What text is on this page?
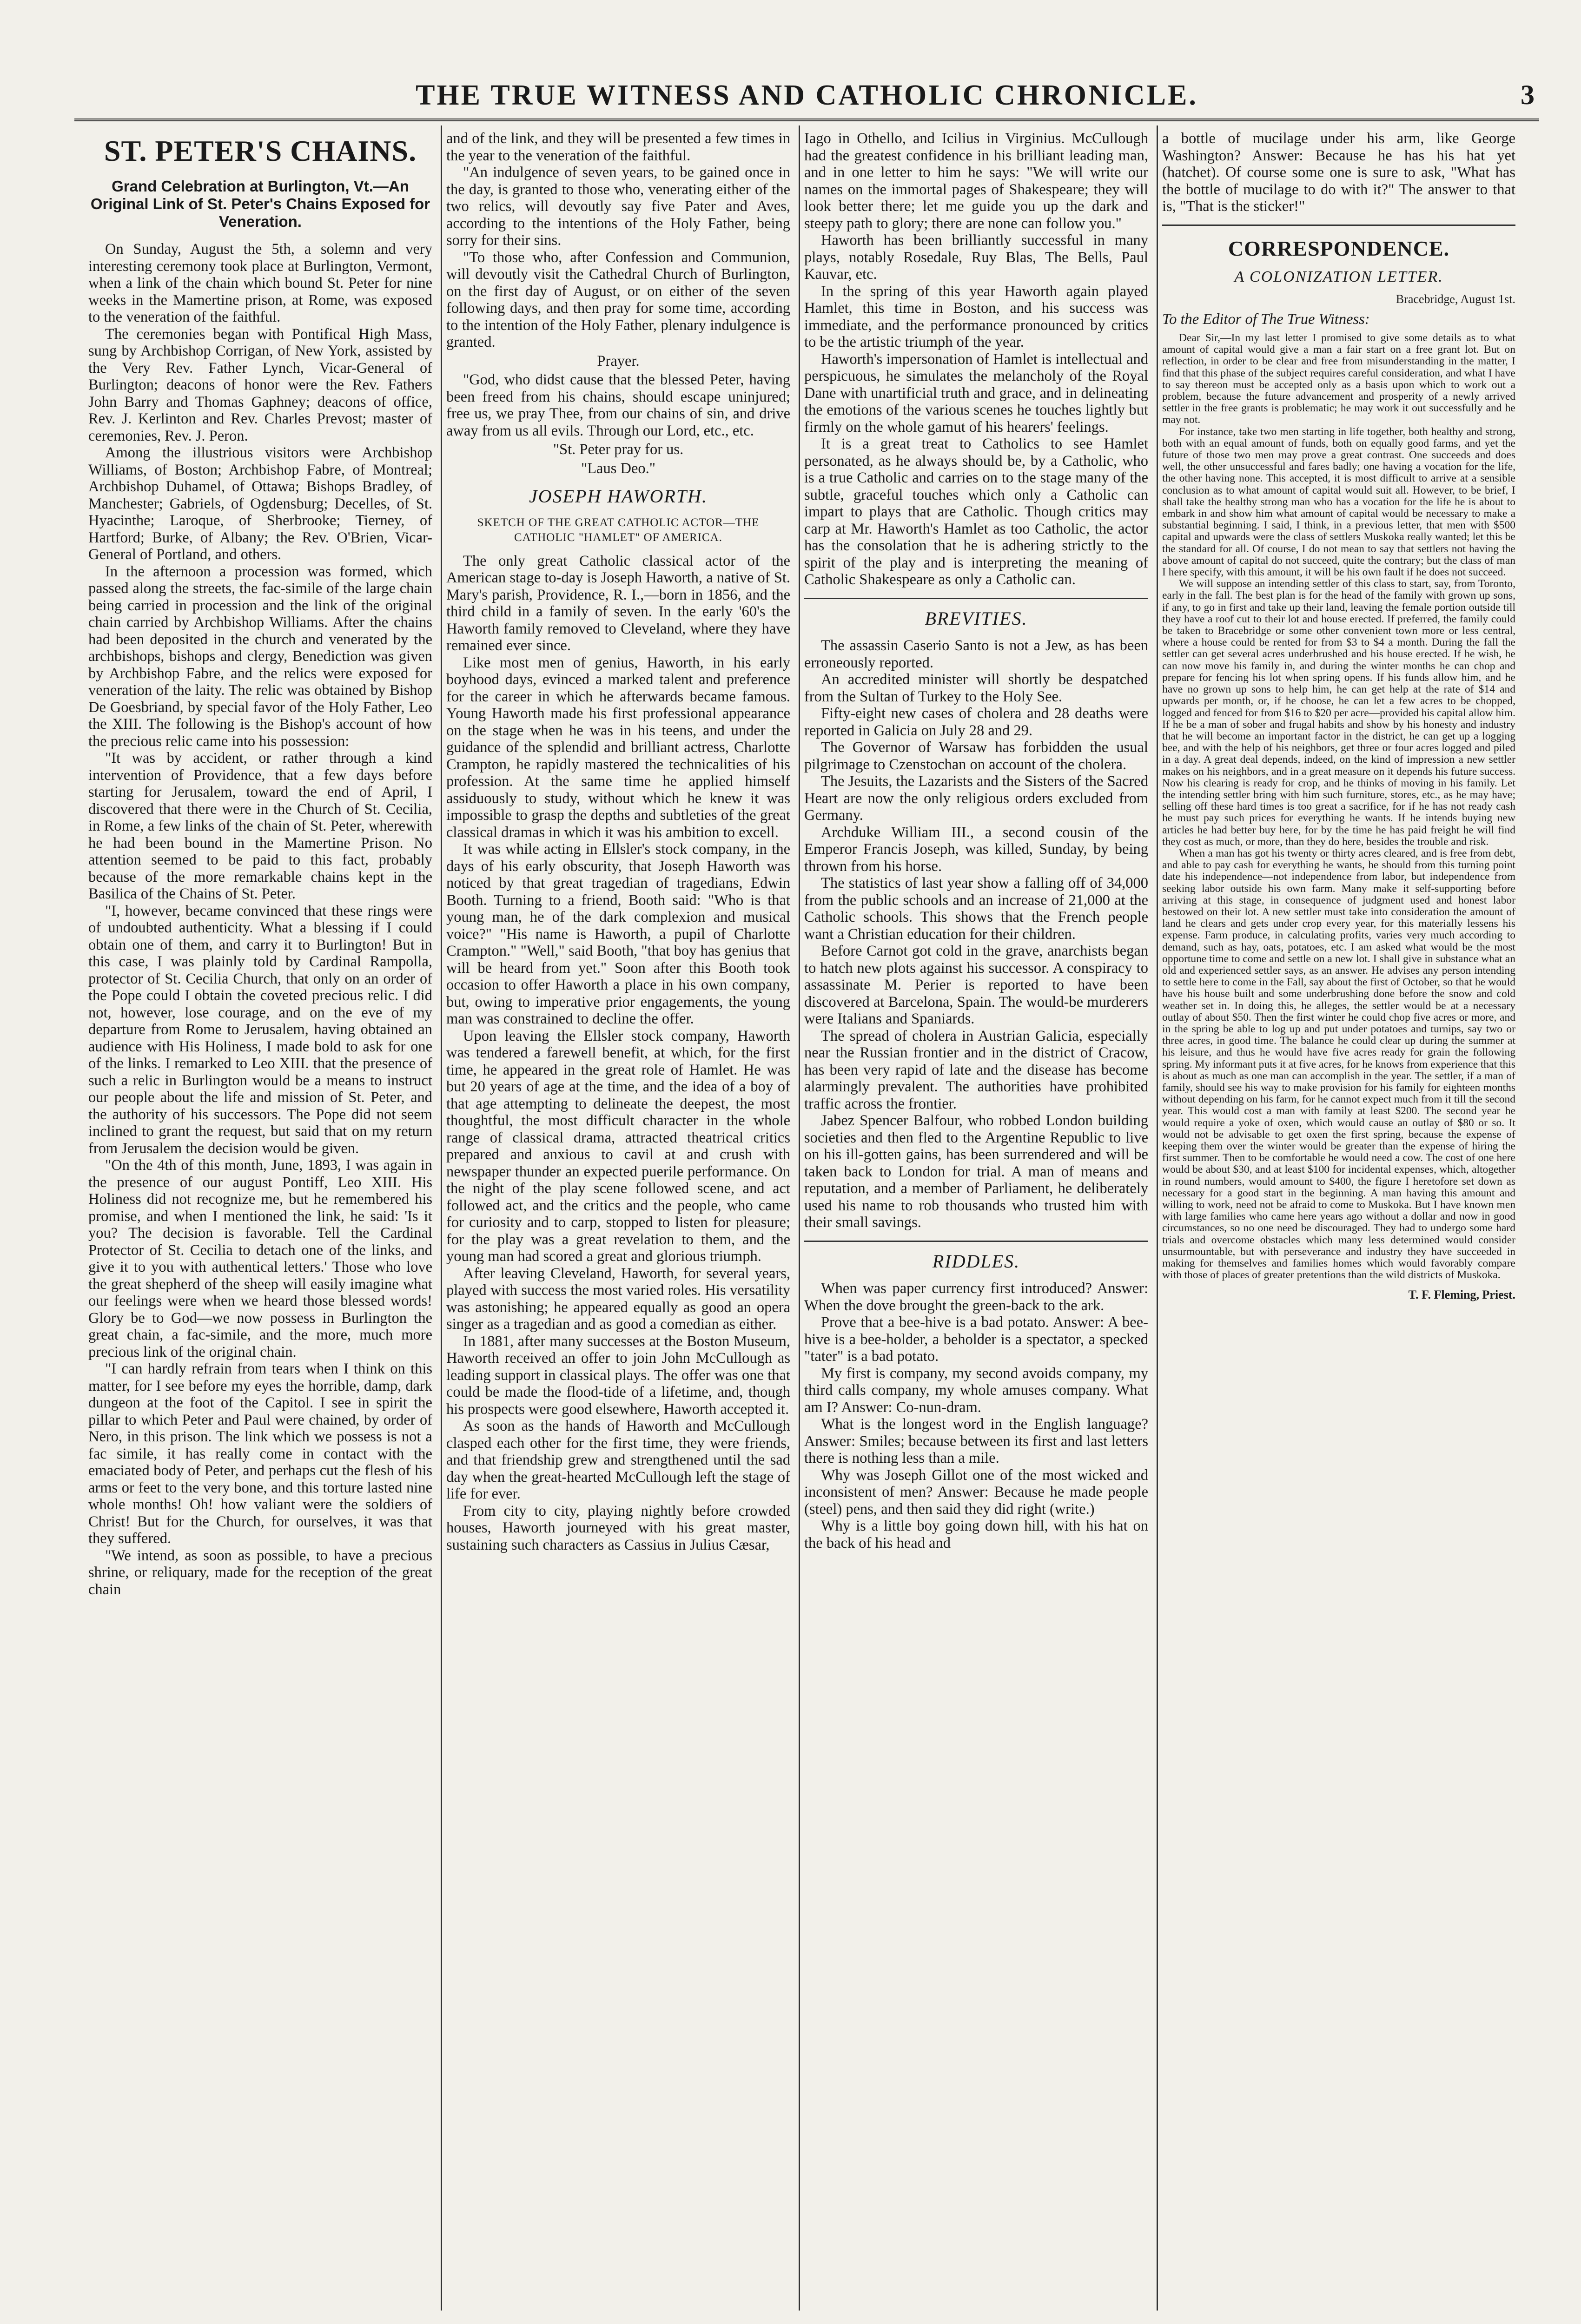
THE TRUE WITNESS AND CATHOLIC CHRONICLE.	3
ST. PETER'S CHAINS.
Grand Celebration at Burlington, Vt.—An Original Link of St. Peter's Chains Exposed for Veneration.

On Sunday, August the 5th, a solemn and very interesting ceremony took place at Burlington, Vermont, when a link of the chain which bound St. Peter for nine weeks in the Mamertine prison, at Rome, was exposed to the veneration of the faithful.

The ceremonies began with Pontifical High Mass, sung by Archbishop Corrigan, of New York, assisted by the Very Rev. Father Lynch, Vicar-General of Burlington; deacons of honor were the Rev. Fathers John Barry and Thomas Gaphney; deacons of office, Rev. J. Kerlinton and Rev. Charles Prevost; master of ceremonies, Rev. J. Peron.

Among the illustrious visitors were Archbishop Williams, of Boston; Archbishop Fabre, of Montreal; Archbishop Duhamel, of Ottawa; Bishops Bradley, of Manchester; Gabriels, of Ogdensburg; Decelles, of St. Hyacinthe; Laroque, of Sherbrooke; Tierney, of Hartford; Burke, of Albany; the Rev. O'Brien, Vicar-General of Portland, and others.

In the afternoon a procession was formed, which passed along the streets, the fac-simile of the large chain being carried in procession and the link of the original chain carried by Archbishop Williams. After the chains had been deposited in the church and venerated by the archbishops, bishops and clergy, Benediction was given by Archbishop Fabre, and the relics were exposed for veneration of the laity. The relic was obtained by Bishop De Goesbriand, by special favor of the Holy Father, Leo the XIII. The following is the Bishop's account of how the precious relic came into his possession:

"It was by accident, or rather through a kind intervention of Providence, that a few days before starting for Jerusalem, toward the end of April, I discovered that there were in the Church of St. Cecilia, in Rome, a few links of the chain of St. Peter, wherewith he had been bound in the Mamertine Prison. No attention seemed to be paid to this fact, probably because of the more remarkable chains kept in the Basilica of the Chains of St. Peter.

"I, however, became convinced that these rings were of undoubted authenticity. What a blessing if I could obtain one of them, and carry it to Burlington! But in this case, I was plainly told by Cardinal Rampolla, protector of St. Cecilia Church, that only on an order of the Pope could I obtain the coveted precious relic. I did not, however, lose courage, and on the eve of my departure from Rome to Jerusalem, having obtained an audience with His Holiness, I made bold to ask for one of the links. I remarked to Leo XIII. that the presence of such a relic in Burlington would be a means to instruct our people about the life and mission of St. Peter, and the authority of his successors. The Pope did not seem inclined to grant the request, but said that on my return from Jerusalem the decision would be given.

"On the 4th of this month, June, 1893, I was again in the presence of our august Pontiff, Leo XIII. His Holiness did not recognize me, but he remembered his promise, and when I mentioned the link, he said: 'Is it you? The decision is favorable. Tell the Cardinal Protector of St. Cecilia to detach one of the links, and give it to you with authentical letters.' Those who love the great shepherd of the sheep will easily imagine what our feelings were when we heard those blessed words! Glory be to God—we now possess in Burlington the great chain, a fac-simile, and the more, much more precious link of the original chain.

"I can hardly refrain from tears when I think on this matter, for I see before my eyes the horrible, damp, dark dungeon at the foot of the Capitol. I see in spirit the pillar to which Peter and Paul were chained, by order of Nero, in this prison. The link which we possess is not a fac simile, it has really come in contact with the emaciated body of Peter, and perhaps cut the flesh of his arms or feet to the very bone, and this torture lasted nine whole months! Oh! how valiant were the soldiers of Christ! But for the Church, for ourselves, it was that they suffered.

"We intend, as soon as possible, to have a precious shrine, or reliquary, made for the reception of the great chain

and of the link, and they will be presented a few times in the year to the veneration of the faithful.

"An indulgence of seven years, to be gained once in the day, is granted to those who, venerating either of the two relics, will devoutly say five Pater and Aves, according to the intentions of the Holy Father, being sorry for their sins.

"To those who, after Confession and Communion, will devoutly visit the Cathedral Church of Burlington, on the first day of August, or on either of the seven following days, and then pray for some time, according to the intention of the Holy Father, plenary indulgence is granted.

Prayer.

"God, who didst cause that the blessed Peter, having been freed from his chains, should escape uninjured; free us, we pray Thee, from our chains of sin, and drive away from us all evils. Through our Lord, etc., etc.

"St. Peter pray for us.
"Laus Deo."
JOSEPH HAWORTH.
SKETCH OF THE GREAT CATHOLIC ACTOR—THE CATHOLIC "HAMLET" OF AMERICA.

The only great Catholic classical actor of the American stage to-day is Joseph Haworth, a native of St. Mary's parish, Providence, R. I.,—born in 1856, and the third child in a family of seven. In the early '60's the Haworth family removed to Cleveland, where they have remained ever since.

Like most men of genius, Haworth, in his early boyhood days, evinced a marked talent and preference for the career in which he afterwards became famous. Young Haworth made his first professional appearance on the stage when he was in his teens, and under the guidance of the splendid and brilliant actress, Charlotte Crampton, he rapidly mastered the technicalities of his profession. At the same time he applied himself assiduously to study, without which he knew it was impossible to grasp the depths and subtleties of the great classical dramas in which it was his ambition to excell.

It was while acting in Ellsler's stock company, in the days of his early obscurity, that Joseph Haworth was noticed by that great tragedian of tragedians, Edwin Booth. Turning to a friend, Booth said: "Who is that young man, he of the dark complexion and musical voice?" "His name is Haworth, a pupil of Charlotte Crampton." "Well," said Booth, "that boy has genius that will be heard from yet." Soon after this Booth took occasion to offer Haworth a place in his own company, but, owing to imperative prior engagements, the young man was constrained to decline the offer.

Upon leaving the Ellsler stock company, Haworth was tendered a farewell benefit, at which, for the first time, he appeared in the great role of Hamlet. He was but 20 years of age at the time, and the idea of a boy of that age attempting to delineate the deepest, the most thoughtful, the most difficult character in the whole range of classical drama, attracted theatrical critics prepared and anxious to cavil at and crush with newspaper thunder an expected puerile performance. On the night of the play scene followed scene, and act followed act, and the critics and the people, who came for curiosity and to carp, stopped to listen for pleasure; for the play was a great revelation to them, and the young man had scored a great and glorious triumph.

After leaving Cleveland, Haworth, for several years, played with success the most varied roles. His versatility was astonishing; he appeared equally as good an opera singer as a tragedian and as good a comedian as either.

In 1881, after many successes at the Boston Museum, Haworth received an offer to join John McCullough as leading support in classical plays. The offer was one that could be made the flood-tide of a lifetime, and, though his prospects were good elsewhere, Haworth accepted it.

As soon as the hands of Haworth and McCullough clasped each other for the first time, they were friends, and that friendship grew and strengthened until the sad day when the great-hearted McCullough left the stage of life for ever.

From city to city, playing nightly before crowded houses, Haworth journeyed with his great master, sustaining such characters as Cassius in Julius Cæsar,

Iago in Othello, and Icilius in Virginius. McCullough had the greatest confidence in his brilliant leading man, and in one letter to him he says: "We will write our names on the immortal pages of Shakespeare; they will look better there; let me guide you up the dark and steepy path to glory; there are none can follow you."

Haworth has been brilliantly successful in many plays, notably Rosedale, Ruy Blas, The Bells, Paul Kauvar, etc.

In the spring of this year Haworth again played Hamlet, this time in Boston, and his success was immediate, and the performance pronounced by critics to be the artistic triumph of the year.

Haworth's impersonation of Hamlet is intellectual and perspicuous, he simulates the melancholy of the Royal Dane with unartificial truth and grace, and in delineating the emotions of the various scenes he touches lightly but firmly on the whole gamut of his hearers' feelings.

It is a great treat to Catholics to see Hamlet personated, as he always should be, by a Catholic, who is a true Catholic and carries on to the stage many of the subtle, graceful touches which only a Catholic can impart to plays that are Catholic. Though critics may carp at Mr. Haworth's Hamlet as too Catholic, the actor has the consolation that he is adhering strictly to the spirit of the play and is interpreting the meaning of Catholic Shakespeare as only a Catholic can.

BREVITIES.

The assassin Caserio Santo is not a Jew, as has been erroneously reported.

An accredited minister will shortly be despatched from the Sultan of Turkey to the Holy See.

Fifty-eight new cases of cholera and 28 deaths were reported in Galicia on July 28 and 29.

The Governor of Warsaw has forbidden the usual pilgrimage to Czenstochan on account of the cholera.

The Jesuits, the Lazarists and the Sisters of the Sacred Heart are now the only religious orders excluded from Germany.

Archduke William III., a second cousin of the Emperor Francis Joseph, was killed, Sunday, by being thrown from his horse.

The statistics of last year show a falling off of 34,000 from the public schools and an increase of 21,000 at the Catholic schools. This shows that the French people want a Christian education for their children.

Before Carnot got cold in the grave, anarchists began to hatch new plots against his successor. A conspiracy to assassinate M. Perier is reported to have been discovered at Barcelona, Spain. The would-be murderers were Italians and Spaniards.

The spread of cholera in Austrian Galicia, especially near the Russian frontier and in the district of Cracow, has been very rapid of late and the disease has become alarmingly prevalent. The authorities have prohibited traffic across the frontier.

Jabez Spencer Balfour, who robbed London building societies and then fled to the Argentine Republic to live on his ill-gotten gains, has been surrendered and will be taken back to London for trial. A man of means and reputation, and a member of Parliament, he deliberately used his name to rob thousands who trusted him with their small savings.

RIDDLES.

When was paper currency first introduced? Answer: When the dove brought the green-back to the ark.

Prove that a bee-hive is a bad potato. Answer: A bee-hive is a bee-holder, a beholder is a spectator, a specked "tater" is a bad potato.

My first is company, my second avoids company, my third calls company, my whole amuses company. What am I? Answer: Co-nun-dram.

What is the longest word in the English language? Answer: Smiles; because between its first and last letters there is nothing less than a mile.

Why was Joseph Gillot one of the most wicked and inconsistent of men? Answer: Because he made people (steel) pens, and then said they did right (write.)

Why is a little boy going down hill, with his hat on the back of his head and

a bottle of mucilage under his arm, like George Washington? Answer: Because he has his hat yet (hatchet). Of course some one is sure to ask, "What has the bottle of mucilage to do with it?" The answer to that is, "That is the sticker!"

CORRESPONDENCE.
A COLONIZATION LETTER.
Bracebridge, August 1st.
To the Editor of The True Witness:

Dear Sir,—In my last letter I promised to give some details as to what amount of capital would give a man a fair start on a free grant lot. But on reflection, in order to be clear and free from misunderstanding in the matter, I find that this phase of the subject requires careful consideration, and what I have to say thereon must be accepted only as a basis upon which to work out a problem, because the future advancement and prosperity of a newly arrived settler in the free grants is problematic; he may work it out successfully and he may not.

For instance, take two men starting in life together, both healthy and strong, both with an equal amount of funds, both on equally good farms, and yet the future of those two men may prove a great contrast. One succeeds and does well, the other unsuccessful and fares badly; one having a vocation for the life, the other having none. This accepted, it is most difficult to arrive at a sensible conclusion as to what amount of capital would suit all. However, to be brief, I shall take the healthy strong man who has a vocation for the life he is about to embark in and show him what amount of capital would be necessary to make a substantial beginning. I said, I think, in a previous letter, that men with $500 capital and upwards were the class of settlers Muskoka really wanted; let this be the standard for all. Of course, I do not mean to say that settlers not having the above amount of capital do not succeed, quite the contrary; but the class of man I here specify, with this amount, it will be his own fault if he does not succeed.

We will suppose an intending settler of this class to start, say, from Toronto, early in the fall. The best plan is for the head of the family with grown up sons, if any, to go in first and take up their land, leaving the female portion outside till they have a roof cut to their lot and house erected. If preferred, the family could be taken to Bracebridge or some other convenient town more or less central, where a house could be rented for from $3 to $4 a month. During the fall the settler can get several acres underbrushed and his house erected. If he wish, he can now move his family in, and during the winter months he can chop and prepare for fencing his lot when spring opens. If his funds allow him, and he have no grown up sons to help him, he can get help at the rate of $14 and upwards per month, or, if he choose, he can let a few acres to be chopped, logged and fenced for from $16 to $20 per acre—provided his capital allow him. If he be a man of sober and frugal habits and show by his honesty and industry that he will become an important factor in the district, he can get up a logging bee, and with the help of his neighbors, get three or four acres logged and piled in a day. A great deal depends, indeed, on the kind of impression a new settler makes on his neighbors, and in a great measure on it depends his future success. Now his clearing is ready for crop, and he thinks of moving in his family. Let the intending settler bring with him such furniture, stores, etc., as he may have; selling off these hard times is too great a sacrifice, for if he has not ready cash he must pay such prices for everything he wants. If he intends buying new articles he had better buy here, for by the time he has paid freight he will find they cost as much, or more, than they do here, besides the trouble and risk.

When a man has got his twenty or thirty acres cleared, and is free from debt, and able to pay cash for everything he wants, he should from this turning point date his independence—not independence from labor, but independence from seeking labor outside his own farm. Many make it self-supporting before arriving at this stage, in consequence of judgment used and honest labor bestowed on their lot. A new settler must take into consideration the amount of land he clears and gets under crop every year, for this materially lessens his expense. Farm produce, in calculating profits, varies very much according to demand, such as hay, oats, potatoes, etc. I am asked what would be the most opportune time to come and settle on a new lot. I shall give in substance what an old and experienced settler says, as an answer. He advises any person intending to settle here to come in the Fall, say about the first of October, so that he would have his house built and some underbrushing done before the snow and cold weather set in. In doing this, he alleges, the settler would be at a necessary outlay of about $50. Then the first winter he could chop five acres or more, and in the spring be able to log up and put under potatoes and turnips, say two or three acres, in good time. The balance he could clear up during the summer at his leisure, and thus he would have five acres ready for grain the following spring. My informant puts it at five acres, for he knows from experience that this is about as much as one man can accomplish in the year. The settler, if a man of family, should see his way to make provision for his family for eighteen months without depending on his farm, for he cannot expect much from it till the second year. This would cost a man with family at least $200. The second year he would require a yoke of oxen, which would cause an outlay of $80 or so. It would not be advisable to get oxen the first spring, because the expense of keeping them over the winter would be greater than the expense of hiring the first summer. Then to be comfortable he would need a cow. The cost of one here would be about $30, and at least $100 for incidental expenses, which, altogether in round numbers, would amount to $400, the figure I heretofore set down as necessary for a good start in the beginning. A man having this amount and willing to work, need not be afraid to come to Muskoka. But I have known men with large families who came here years ago without a dollar and now in good circumstances, so no one need be discouraged. They had to undergo some hard trials and overcome obstacles which many less determined would consider unsurmountable, but with perseverance and industry they have succeeded in making for themselves and families homes which would favorably compare with those of places of greater pretentions than the wild districts of Muskoka.

T. F. Fleming, Priest.
